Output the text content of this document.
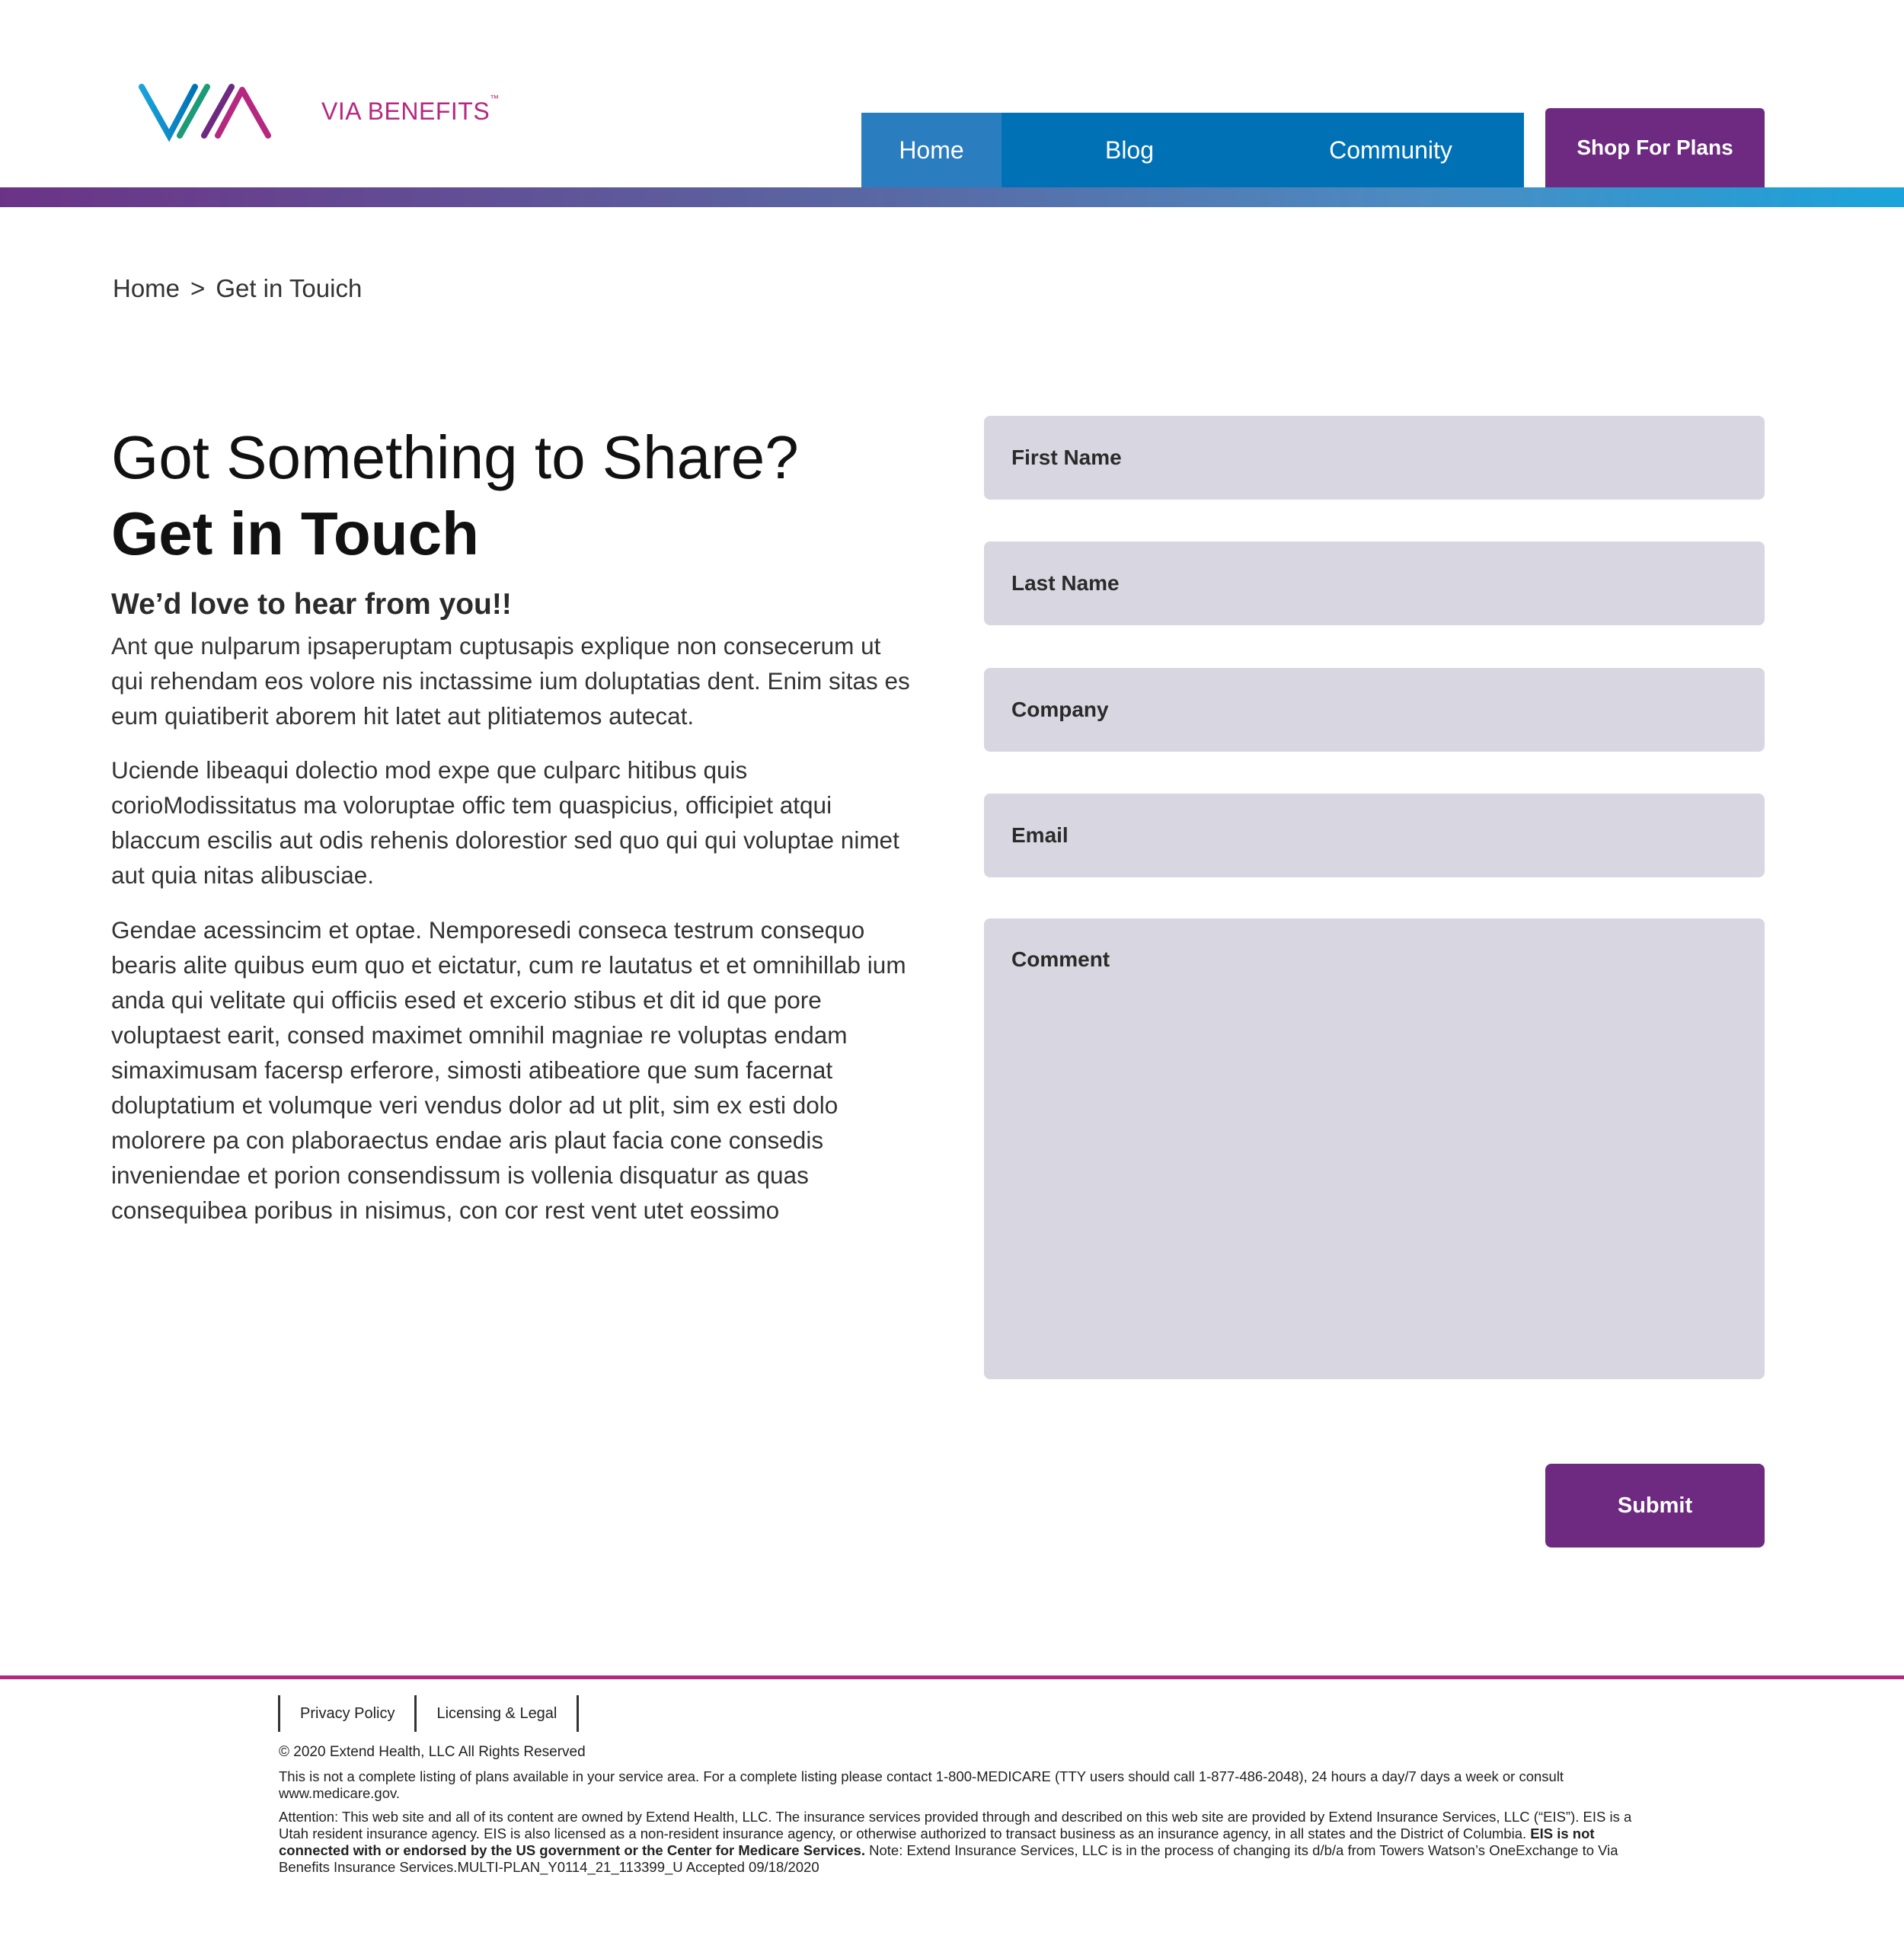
VIA BENEFITS™
Home	Blog	Community	Shop For Plans
Home > Get in Touich
Got Something to Share?
Get in Touch
We’d love to hear from you!!

Ant que nulparum ipsaperuptam cuptusapis explique non consecerum ut qui rehendam eos volore nis inctassime ium doluptatias dent. Enim sitas es eum quiatiberit aborem hit latet aut plitiatemos autecat.

Uciende libeaqui dolectio mod expe que culparc hitibus quis corioModissitatus ma voloruptae offic tem quaspicius, officipiet atqui blaccum escilis aut odis rehenis dolorestior sed quo qui qui voluptae nimet aut quia nitas alibusciae.

Gendae acessincim et optae. Nemporesedi conseca testrum consequo bearis alite quibus eum quo et eictatur, cum re lautatus et et omnihillab ium anda qui velitate qui officiis esed et excerio stibus et dit id que pore voluptaest earit, consed maximet omnihil magniae re voluptas endam simaximusam facersp erferore, simosti atibeatiore que sum facernat doluptatium et volumque veri vendus dolor ad ut plit, sim ex esti dolo molorere pa con plaboraectus endae aris plaut facia cone consedis inveniendae et porion consendissum is vollenia disquatur as quas consequibea poribus in nisimus, con cor rest vent utet eossimo

First Name
Last Name
Company
Email
Comment
Submit
Privacy Policy	Licensing & Legal
© 2020 Extend Health, LLC All Rights Reserved

This is not a complete listing of plans available in your service area. For a complete listing please contact 1-800-MEDICARE (TTY users should call 1-877-486-2048), 24 hours a day/7 days a week or consult www.medicare.gov.

Attention: This web site and all of its content are owned by Extend Health, LLC. The insurance services provided through and described on this web site are provided by Extend Insurance Services, LLC (“EIS”). EIS is a Utah resident insurance agency. EIS is also licensed as a non-resident insurance agency, or otherwise authorized to transact business as an insurance agency, in all states and the District of Columbia. EIS is not connected with or endorsed by the US government or the Center for Medicare Services. Note: Extend Insurance Services, LLC is in the process of changing its d/b/a from Towers Watson’s OneExchange to Via Benefits Insurance Services.MULTI-PLAN_Y0114_21_113399_U Accepted 09/18/2020
